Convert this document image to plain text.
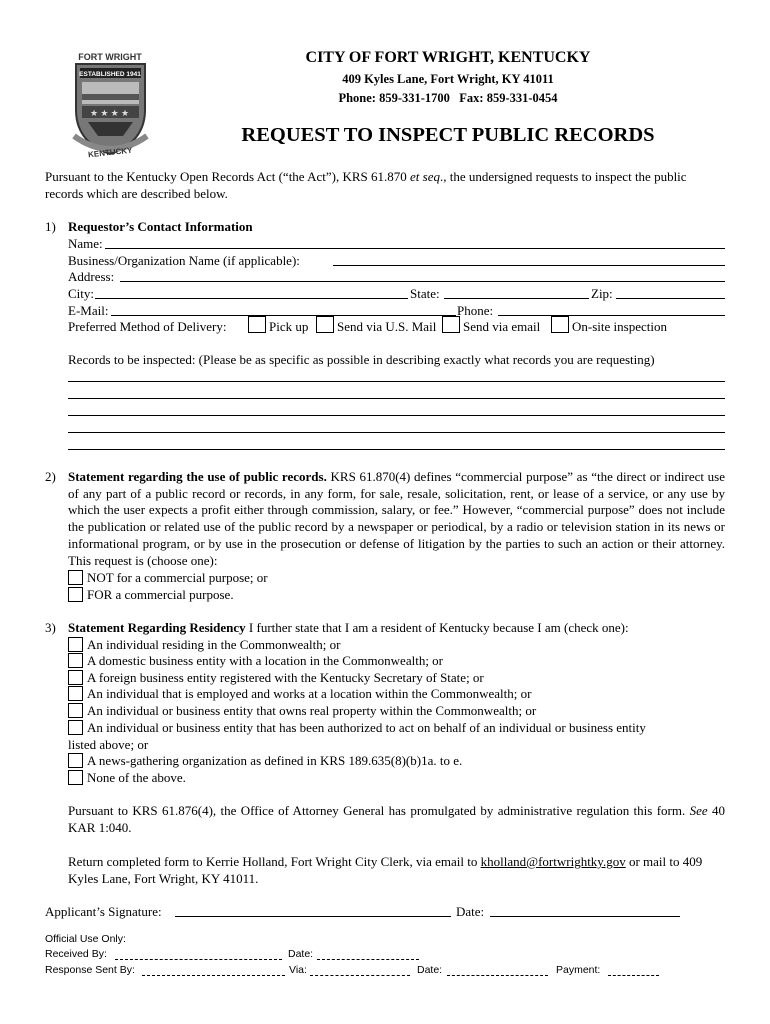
FORT WRIGHT
ESTABLISHED 1941
★ ★ ★ ★
KENTUCKY
CITY OF FORT WRIGHT, KENTUCKY
409 Kyles Lane, Fort Wright, KY 41011
Phone: 859-331-1700   Fax: 859-331-0454
REQUEST TO INSPECT PUBLIC RECORDS
Pursuant to the Kentucky Open Records Act (“the Act”), KRS 61.870 et seq., the undersigned requests to inspect the public records which are described below.
1) Requestor’s Contact Information
Name:
Business/Organization Name (if applicable):
Address:
City:	State:	Zip:
E-Mail:	Phone:
Preferred Method of Delivery:	Pick up Send via U.S. Mail Send via email On-site inspection
Records to be inspected: (Please be as specific as possible in describing exactly what records you are requesting)
2) Statement regarding the use of public records. KRS 61.870(4) defines “commercial purpose” as “the direct or indirect use of any part of a public record or records, in any form, for sale, resale, solicitation, rent, or lease of a service, or any use by which the user expects a profit either through commission, salary, or fee.” However, “commercial purpose” does not include the publication or related use of the public record by a newspaper or periodical, by a radio or television station in its news or informational program, or by use in the prosecution or defense of litigation by the parties to such an action or their attorney. This request is (choose one):
NOT for a commercial purpose; or
FOR a commercial purpose.
3) Statement Regarding Residency I further state that I am a resident of Kentucky because I am (check one):
An individual residing in the Commonwealth; or
A domestic business entity with a location in the Commonwealth; or
A foreign business entity registered with the Kentucky Secretary of State; or
An individual that is employed and works at a location within the Commonwealth; or
An individual or business entity that owns real property within the Commonwealth; or
An individual or business entity that has been authorized to act on behalf of an individual or business entity
listed above; or
A news-gathering organization as defined in KRS 189.635(8)(b)1a. to e.
None of the above.
Pursuant to KRS 61.876(4), the Office of Attorney General has promulgated by administrative regulation this form. See 40 KAR 1:040.
Return completed form to Kerrie Holland, Fort Wright City Clerk, via email to kholland@fortwrightky.gov or mail to 409 Kyles Lane, Fort Wright, KY 41011.
Applicant’s Signature:	Date:
Official Use Only:
Received By:	Date:
Response Sent By:	Via:	Date:	Payment:
